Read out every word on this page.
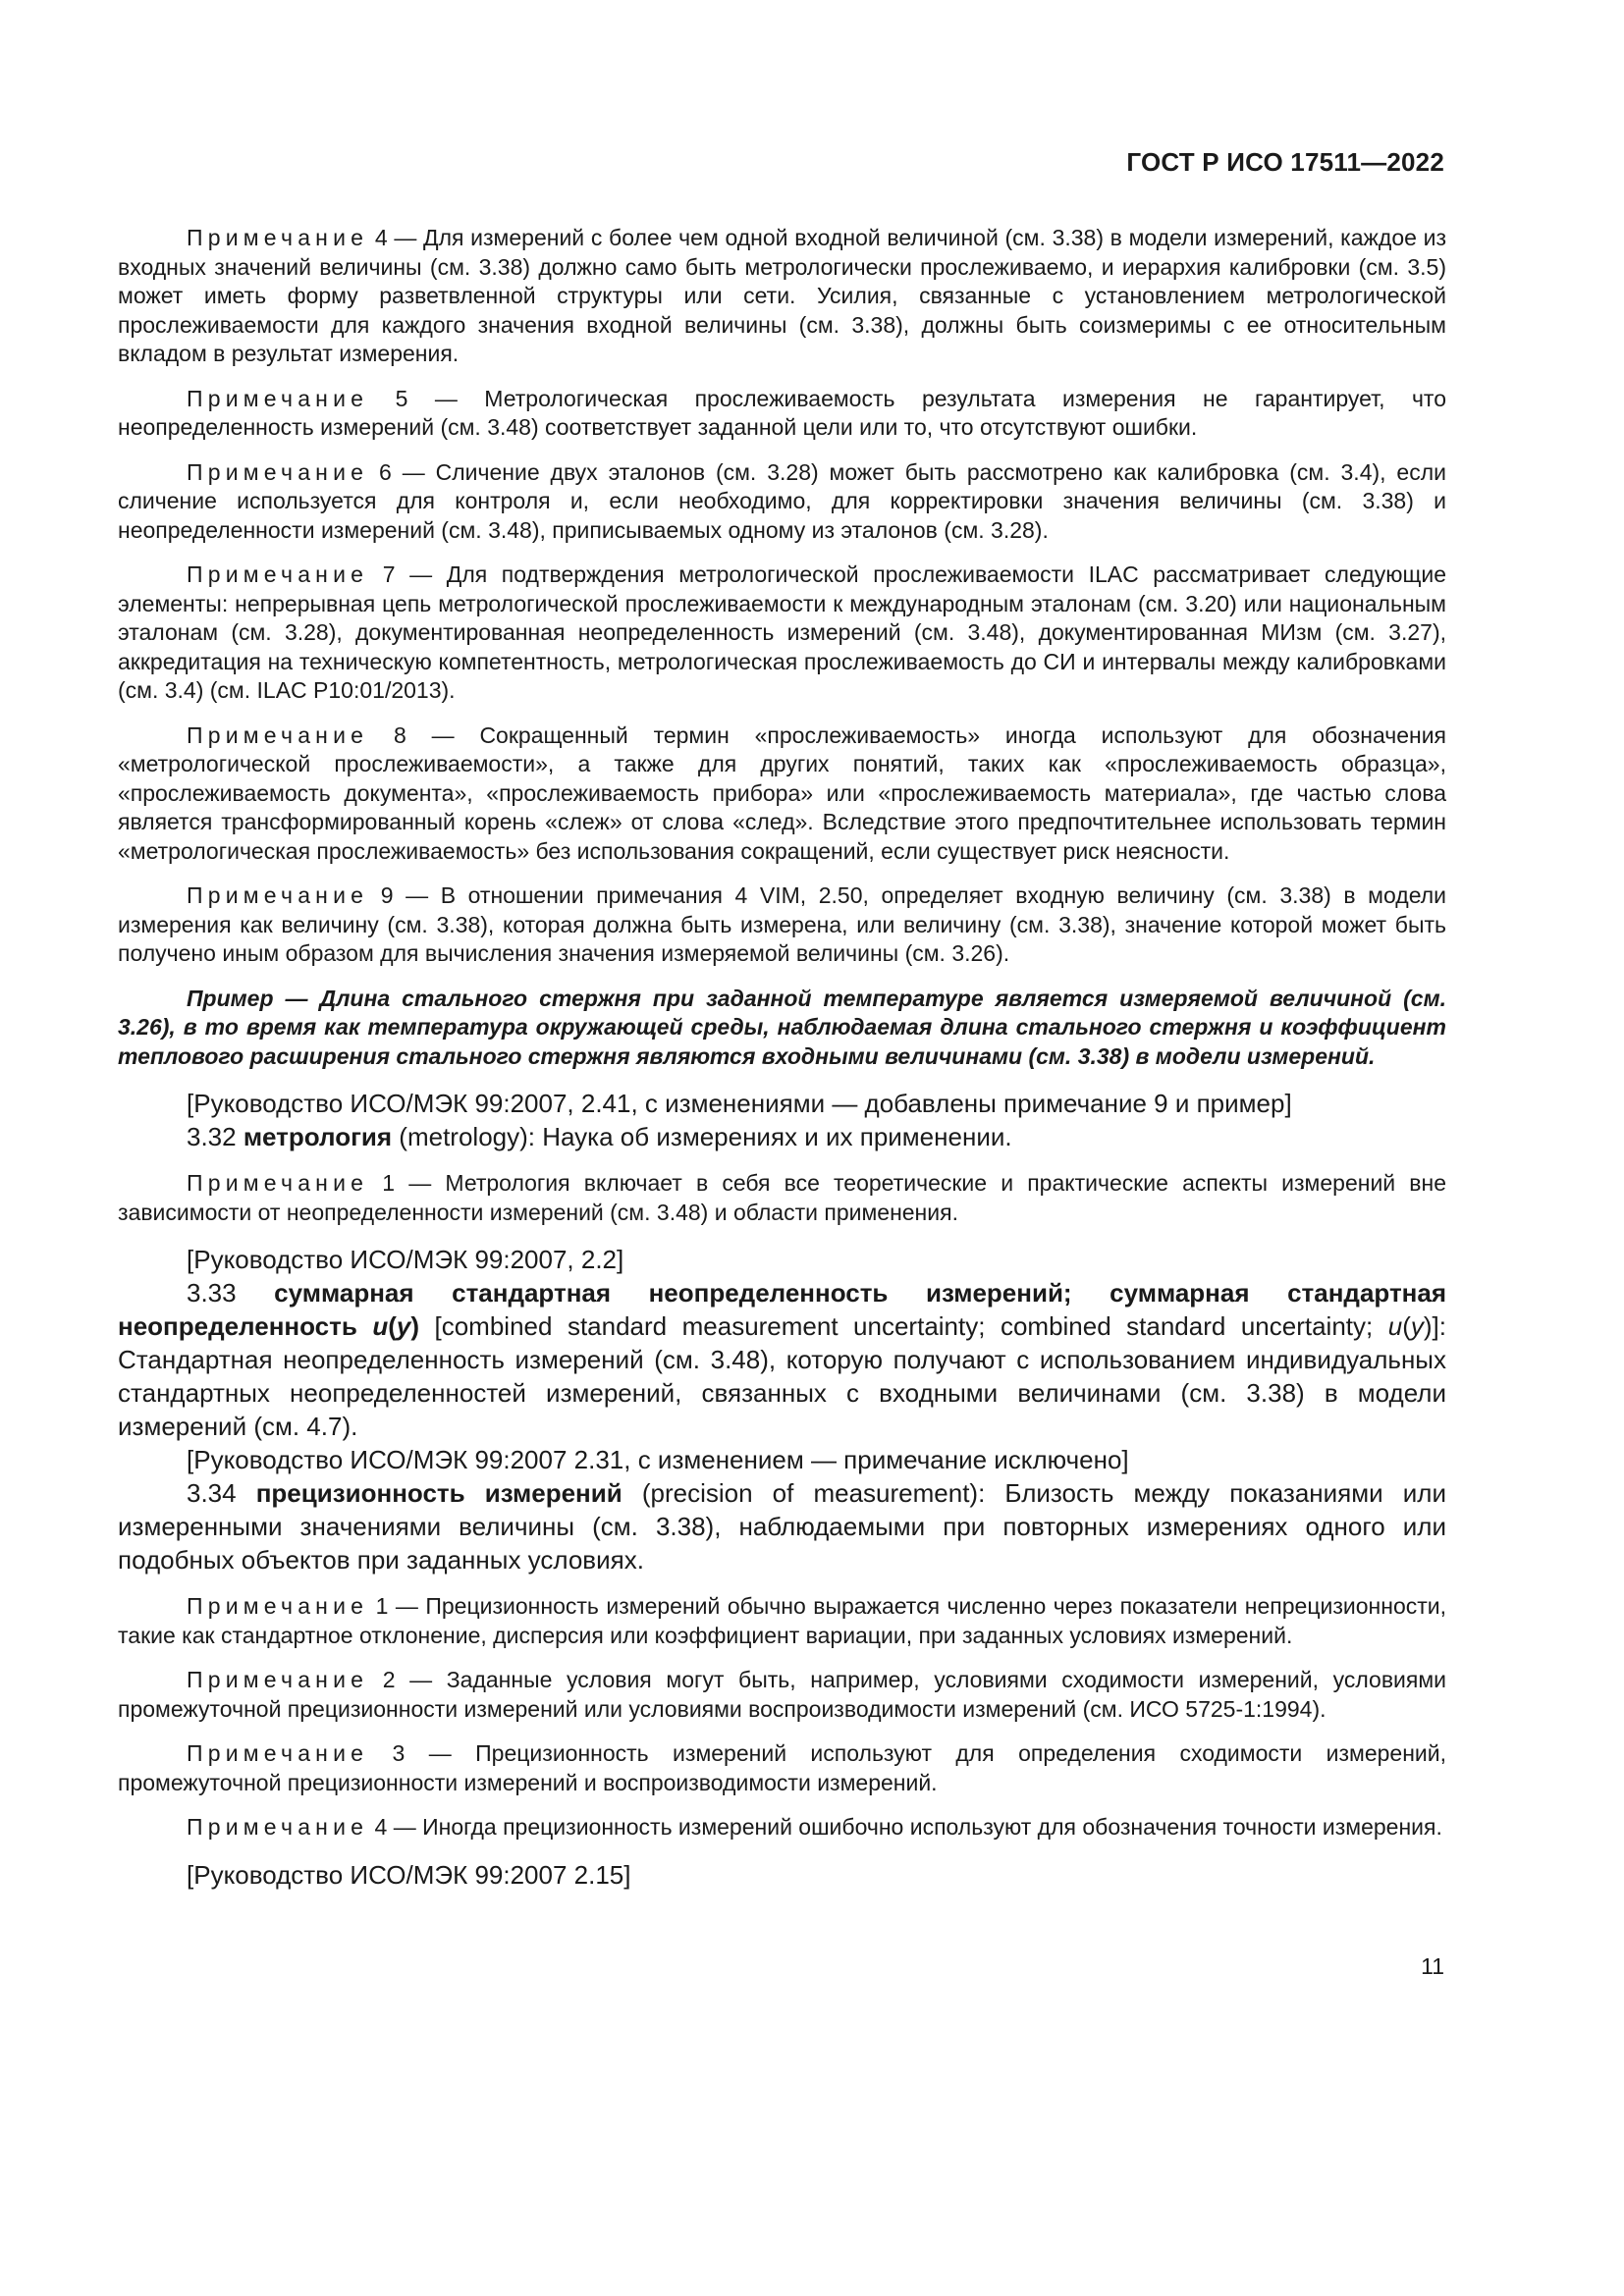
ГОСТ Р ИСО 17511—2022

Примечание 4 — Для измерений с более чем одной входной величиной (см. 3.38) в модели измерений, каждое из входных значений величины (см. 3.38) должно само быть метрологически прослеживаемо, и иерархия калибровки (см. 3.5) может иметь форму разветвленной структуры или сети. Усилия, связанные с установлением метрологической прослеживаемости для каждого значения входной величины (см. 3.38), должны быть соизмеримы с ее относительным вкладом в результат измерения.

Примечание 5 — Метрологическая прослеживаемость результата измерения не гарантирует, что неопределенность измерений (см. 3.48) соответствует заданной цели или то, что отсутствуют ошибки.

Примечание 6 — Сличение двух эталонов (см. 3.28) может быть рассмотрено как калибровка (см. 3.4), если сличение используется для контроля и, если необходимо, для корректировки значения величины (см. 3.38) и неопределенности измерений (см. 3.48), приписываемых одному из эталонов (см. 3.28).

Примечание 7 — Для подтверждения метрологической прослеживаемости ILAC рассматривает следующие элементы: непрерывная цепь метрологической прослеживаемости к международным эталонам (см. 3.20) или национальным эталонам (см. 3.28), документированная неопределенность измерений (см. 3.48), документированная МИзм (см. 3.27), аккредитация на техническую компетентность, метрологическая прослеживаемость до СИ и интервалы между калибровками (см. 3.4) (см. ILAC P10:01/2013).

Примечание 8 — Сокращенный термин «прослеживаемость» иногда используют для обозначения «метрологической прослеживаемости», а также для других понятий, таких как «прослеживаемость образца», «прослеживаемость документа», «прослеживаемость прибора» или «прослеживаемость материала», где частью слова является трансформированный корень «слеж» от слова «след». Вследствие этого предпочтительнее использовать термин «метрологическая прослеживаемость» без использования сокращений, если существует риск неясности.

Примечание 9 — В отношении примечания 4 VIM, 2.50, определяет входную величину (см. 3.38) в модели измерения как величину (см. 3.38), которая должна быть измерена, или величину (см. 3.38), значение которой может быть получено иным образом для вычисления значения измеряемой величины (см. 3.26).

Пример — Длина стального стержня при заданной температуре является измеряемой величиной (см. 3.26), в то время как температура окружающей среды, наблюдаемая длина стального стержня и коэффициент теплового расширения стального стержня являются входными величинами (см. 3.38) в модели измерений.

[Руководство ИСО/МЭК 99:2007, 2.41, с изменениями — добавлены примечание 9 и пример]

3.32 метрология (metrology): Наука об измерениях и их применении.

Примечание 1 — Метрология включает в себя все теоретические и практические аспекты измерений вне зависимости от неопределенности измерений (см. 3.48) и области применения.

[Руководство ИСО/МЭК 99:2007, 2.2]

3.33 суммарная стандартная неопределенность измерений; суммарная стандартная неопределенность u(y) [combined standard measurement uncertainty; combined standard uncertainty; u(y)]: Стандартная неопределенность измерений (см. 3.48), которую получают с использованием индивидуальных стандартных неопределенностей измерений, связанных с входными величинами (см. 3.38) в модели измерений (см. 4.7).

[Руководство ИСО/МЭК 99:2007 2.31, с изменением — примечание исключено]

3.34 прецизионность измерений (precision of measurement): Близость между показаниями или измеренными значениями величины (см. 3.38), наблюдаемыми при повторных измерениях одного или подобных объектов при заданных условиях.

Примечание 1 — Прецизионность измерений обычно выражается численно через показатели непрецизионности, такие как стандартное отклонение, дисперсия или коэффициент вариации, при заданных условиях измерений.

Примечание 2 — Заданные условия могут быть, например, условиями сходимости измерений, условиями промежуточной прецизионности измерений или условиями воспроизводимости измерений (см. ИСО 5725-1:1994).

Примечание 3 — Прецизионность измерений используют для определения сходимости измерений, промежуточной прецизионности измерений и воспроизводимости измерений.

Примечание 4 — Иногда прецизионность измерений ошибочно используют для обозначения точности измерения.

[Руководство ИСО/МЭК 99:2007 2.15]

11
